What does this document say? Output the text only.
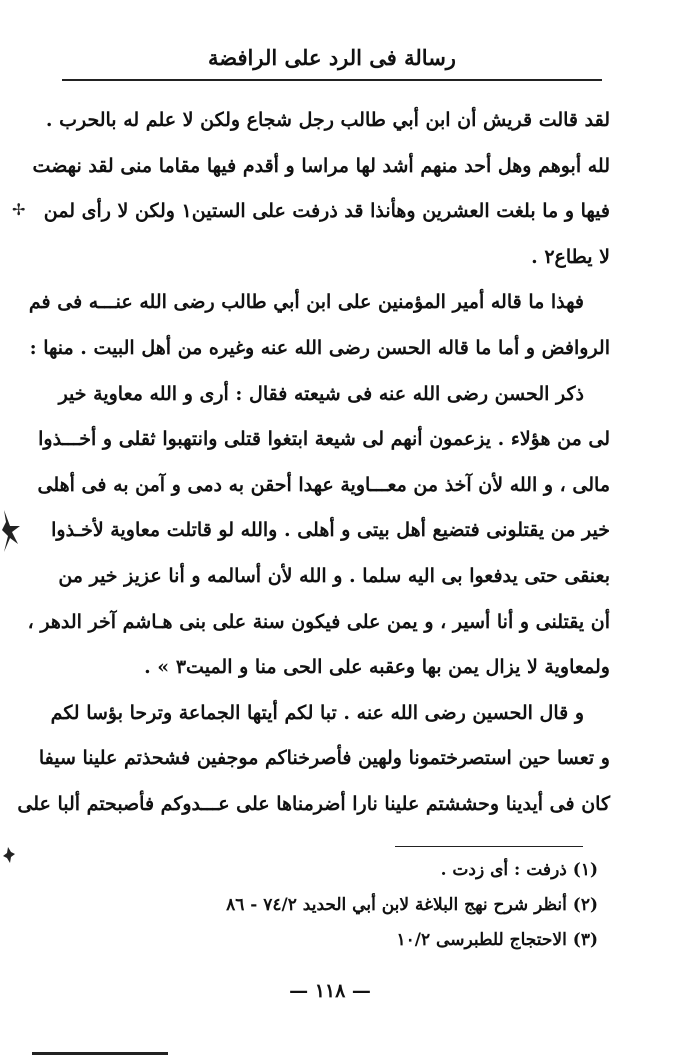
رسالة فى الرد على الرافضة
لقد قالت قريش أن ابن أبي طالب رجل شجاع ولكن لا علم له بالحرب .
لله أبوهم وهل أحد منهم أشد لها مراسا و أقدم فيها مقاما منى لقد نهضت
فيها و ما بلغت العشرين وهأنذا قد ذرفت على الستين١ ولكن لا رأى لمن
لا يطاع٢ .
فهذا ما قاله أمير المؤمنين على ابن أبي طالب رضى الله عنـــه فى فم
الروافض و أما ما قاله الحسن رضى الله عنه وغيره من أهل البيت . منها :
ذكر الحسن رضى الله عنه فى شيعته فقال : أرى و الله معاوية خير
لى من هؤلاء . يزعمون أنهم لى شيعة ابتغوا قتلى وانتهبوا ثقلى و أخـــذوا
مالى ، و الله لأن آخذ من معـــاوية عهدا أحقن به دمى و آمن به فى أهلى
خير من يقتلونى فتضيع أهل بيتى و أهلى . والله لو قاتلت معاوية لأخـذوا
بعنقى حتى يدفعوا بى اليه سلما . و الله لأن أسالمه و أنا عزيز خير من
أن يقتلنى و أنا أسير ، و يمن على فيكون سنة على بنى هـاشم آخر الدهر ،
ولمعاوية لا يزال يمن بها وعقبه على الحى منا و الميت٣ » .
و قال الحسين رضى الله عنه . تبا لكم أيتها الجماعة وترحا بؤسا لكم
و تعسا حين استصرختمونا ولهين فأصرخناكم موجفين فشحذتم علينا سيفا
كان فى أيدينا وحششتم علينا نارا أضرمناها على عـــدوكم فأصبحتم ألبا على
(١) ذرفت : أى زدت .
(٢) أنظر شرح نهج البلاغة لابن أبي الحديد ٧٤/٢ - ٨٦
(٣) الاحتجاج للطبرسى ١٠/٢
— ١١٨ —
✢
